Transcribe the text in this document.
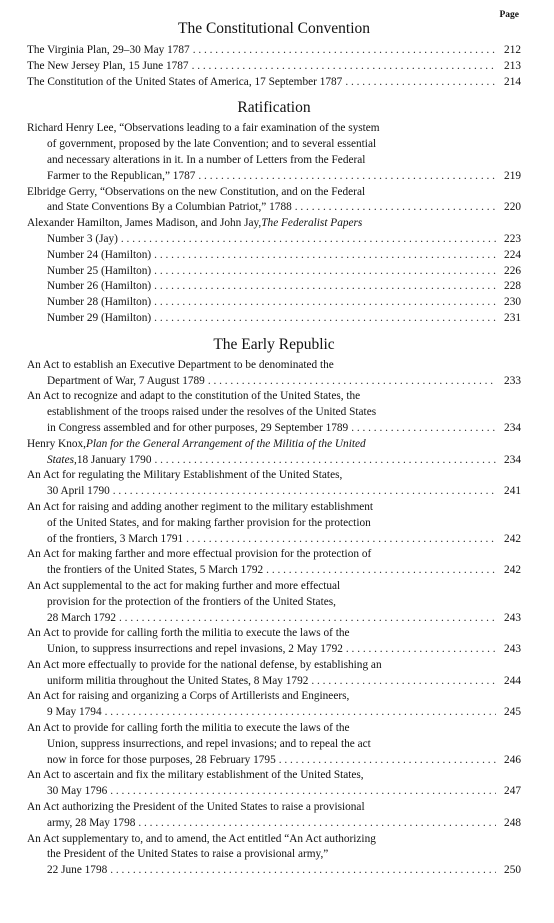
Page
The Constitutional Convention
The Virginia Plan, 29–30 May 1787 . . .	212
The New Jersey Plan, 15 June 1787 . . .	213
The Constitution of the United States of America, 17 September 1787 . . .	214
Ratification
Richard Henry Lee, “Observations leading to a fair examination of the system
of government, proposed by the late Convention; and to several essential
and necessary alterations in it. In a number of Letters from the Federal
Farmer to the Republican,” 1787 . . .	219
Elbridge Gerry, “Observations on the new Constitution, and on the Federal
and State Conventions By a Columbian Patriot,” 1788 . . .	220
Alexander Hamilton, James Madison, and John Jay, The Federalist Papers
Number 3 (Jay) . . .	223
Number 24 (Hamilton) . . .	224
Number 25 (Hamilton) . . .	226
Number 26 (Hamilton) . . .	228
Number 28 (Hamilton) . . .	230
Number 29 (Hamilton) . . .	231
The Early Republic
An Act to establish an Executive Department to be denominated the
Department of War, 7 August 1789 . . .	233
An Act to recognize and adapt to the constitution of the United States, the
establishment of the troops raised under the resolves of the United States
in Congress assembled and for other purposes, 29 September 1789 . . .	234
Henry Knox, Plan for the General Arrangement of the Militia of the United
States, 18 January 1790 . . .	234
An Act for regulating the Military Establishment of the United States,
30 April 1790 . . .	241
An Act for raising and adding another regiment to the military establishment
of the United States, and for making farther provision for the protection
of the frontiers, 3 March 1791 . . .	242
An Act for making farther and more effectual provision for the protection of
the frontiers of the United States, 5 March 1792 . . .	242
An Act supplemental to the act for making further and more effectual
provision for the protection of the frontiers of the United States,
28 March 1792 . . .	243
An Act to provide for calling forth the militia to execute the laws of the
Union, to suppress insurrections and repel invasions, 2 May 1792 . . .	243
An Act more effectually to provide for the national defense, by establishing an
uniform militia throughout the United States, 8 May 1792 . . .	244
An Act for raising and organizing a Corps of Artillerists and Engineers,
9 May 1794 . . .	245
An Act to provide for calling forth the militia to execute the laws of the
Union, suppress insurrections, and repel invasions; and to repeal the act
now in force for those purposes, 28 February 1795 . . .	246
An Act to ascertain and fix the military establishment of the United States,
30 May 1796 . . .	247
An Act authorizing the President of the United States to raise a provisional
army, 28 May 1798 . . .	248
An Act supplementary to, and to amend, the Act entitled “An Act authorizing
the President of the United States to raise a provisional army,”
22 June 1798 . . .	250
